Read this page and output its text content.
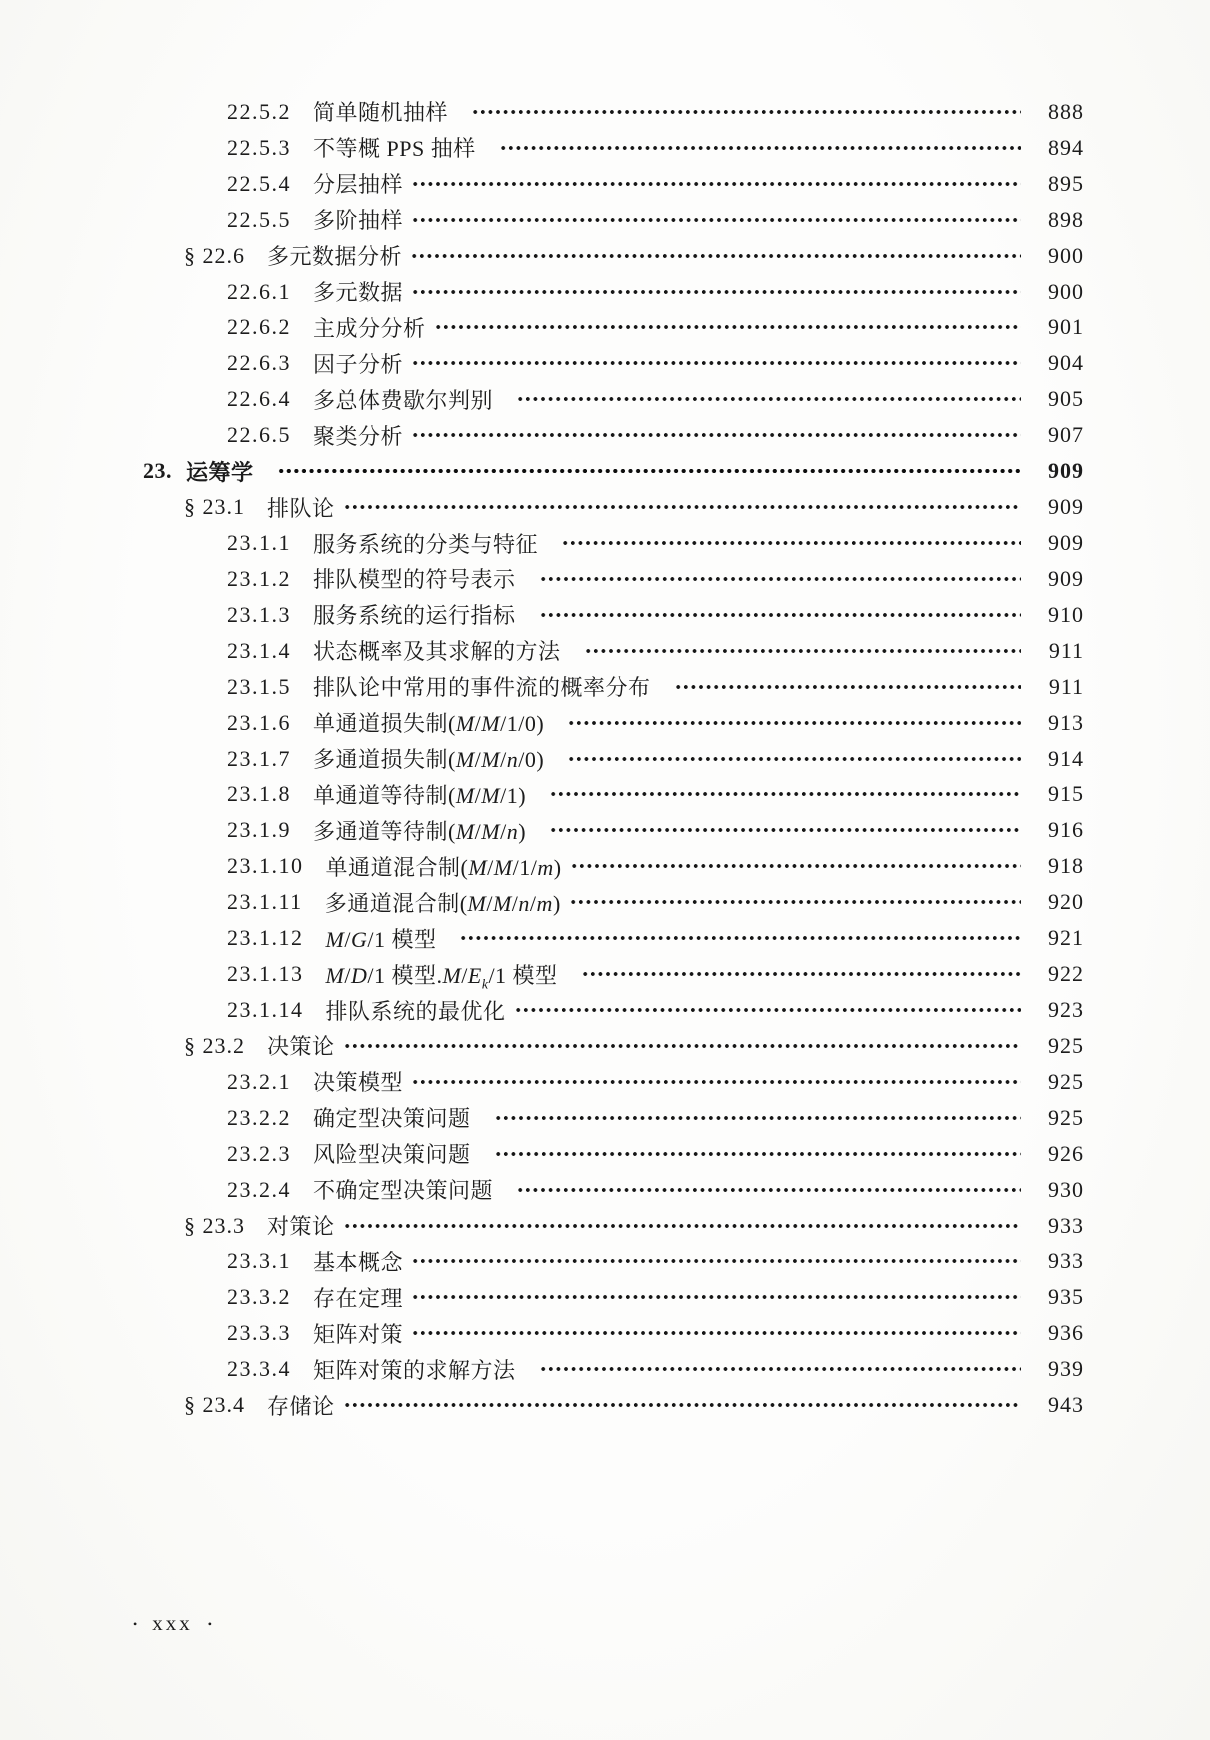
22.5.2 简单随机抽样	888
22.5.3 不等概 PPS 抽样	894
22.5.4 分层抽样	895
22.5.5 多阶抽样	898
§ 22.6 多元数据分析	900
22.6.1 多元数据	900
22.6.2 主成分分析	901
22.6.3 因子分析	904
22.6.4 多总体费歇尔判别	905
22.6.5 聚类分析	907
23. 运筹学	909
§ 23.1 排队论	909
23.1.1 服务系统的分类与特征	909
23.1.2 排队模型的符号表示	909
23.1.3 服务系统的运行指标	910
23.1.4 状态概率及其求解的方法	911
23.1.5 排队论中常用的事件流的概率分布	911
23.1.6 单通道损失制(M/M/1/0)	913
23.1.7 多通道损失制(M/M/n/0)	914
23.1.8 单通道等待制(M/M/1)	915
23.1.9 多通道等待制(M/M/n)	916
23.1.10 单通道混合制(M/M/1/m)	918
23.1.11 多通道混合制(M/M/n/m)	920
23.1.12 M/G/1 模型	921
23.1.13 M/D/1 模型$.M/E_k/1$ 模型	922
23.1.14 排队系统的最优化	923
§ 23.2 决策论	925
23.2.1 决策模型	925
23.2.2 确定型决策问题	925
23.2.3 风险型决策问题	926
23.2.4 不确定型决策问题	930
§ 23.3 对策论	933
23.3.1 基本概念	933
23.3.2 存在定理	935
23.3.3 矩阵对策	936
23.3.4 矩阵对策的求解方法	939
§ 23.4 存储论	943
• xxx •
